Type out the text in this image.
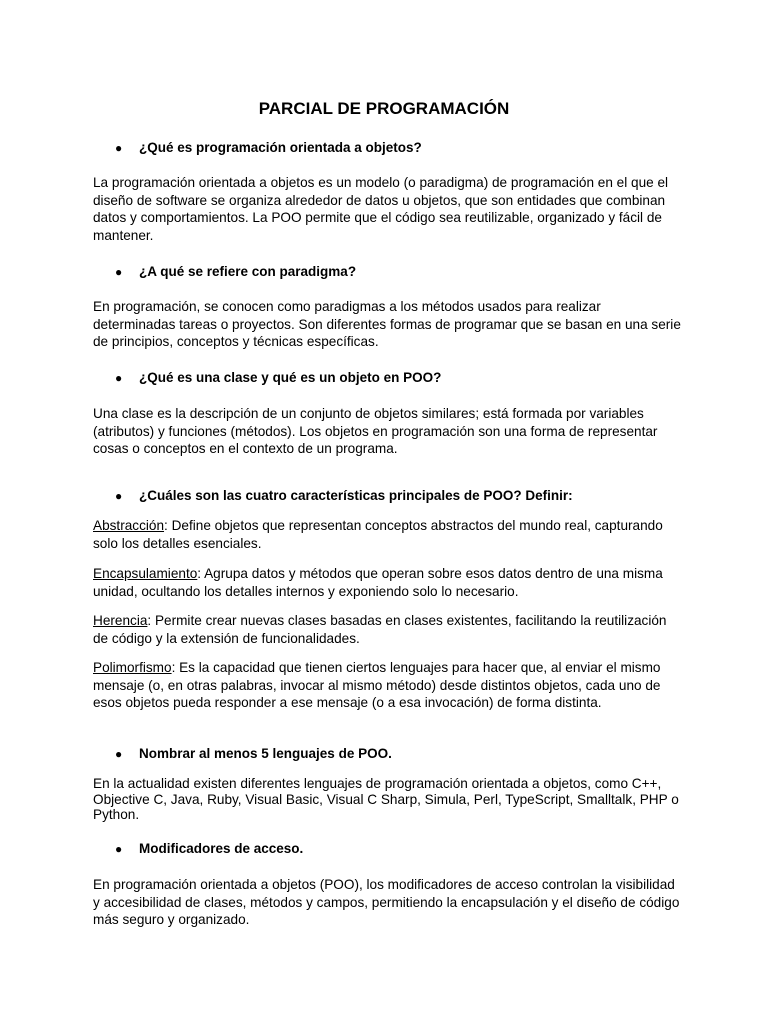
PARCIAL DE PROGRAMACIÓN
● ¿Qué es programación orientada a objetos?

La programación orientada a objetos es un modelo (o paradigma) de programación en el que el diseño de software se organiza alrededor de datos u objetos, que son entidades que combinan datos y comportamientos. La POO permite que el código sea reutilizable, organizado y fácil de mantener.

● ¿A qué se refiere con paradigma?

En programación, se conocen como paradigmas a los métodos usados para realizar determinadas tareas o proyectos. Son diferentes formas de programar que se basan en una serie de principios, conceptos y técnicas específicas.

● ¿Qué es una clase y qué es un objeto en POO?

Una clase es la descripción de un conjunto de objetos similares; está formada por variables (atributos) y funciones (métodos). Los objetos en programación son una forma de representar cosas o conceptos en el contexto de un programa.

● ¿Cuáles son las cuatro características principales de POO? Definir:

Abstracción: Define objetos que representan conceptos abstractos del mundo real, capturando solo los detalles esenciales.

Encapsulamiento: Agrupa datos y métodos que operan sobre esos datos dentro de una misma unidad, ocultando los detalles internos y exponiendo solo lo necesario.

Herencia: Permite crear nuevas clases basadas en clases existentes, facilitando la reutilización de código y la extensión de funcionalidades.

Polimorfismo: Es la capacidad que tienen ciertos lenguajes para hacer que, al enviar el mismo mensaje (o, en otras palabras, invocar al mismo método) desde distintos objetos, cada uno de esos objetos pueda responder a ese mensaje (o a esa invocación) de forma distinta.

● Nombrar al menos 5 lenguajes de POO.

En la actualidad existen diferentes lenguajes de programación orientada a objetos, como C++, Objective C, Java, Ruby, Visual Basic, Visual C Sharp, Simula, Perl, TypeScript, Smalltalk, PHP o Python.

● Modificadores de acceso.

En programación orientada a objetos (POO), los modificadores de acceso controlan la visibilidad y accesibilidad de clases, métodos y campos, permitiendo la encapsulación y el diseño de código más seguro y organizado.
